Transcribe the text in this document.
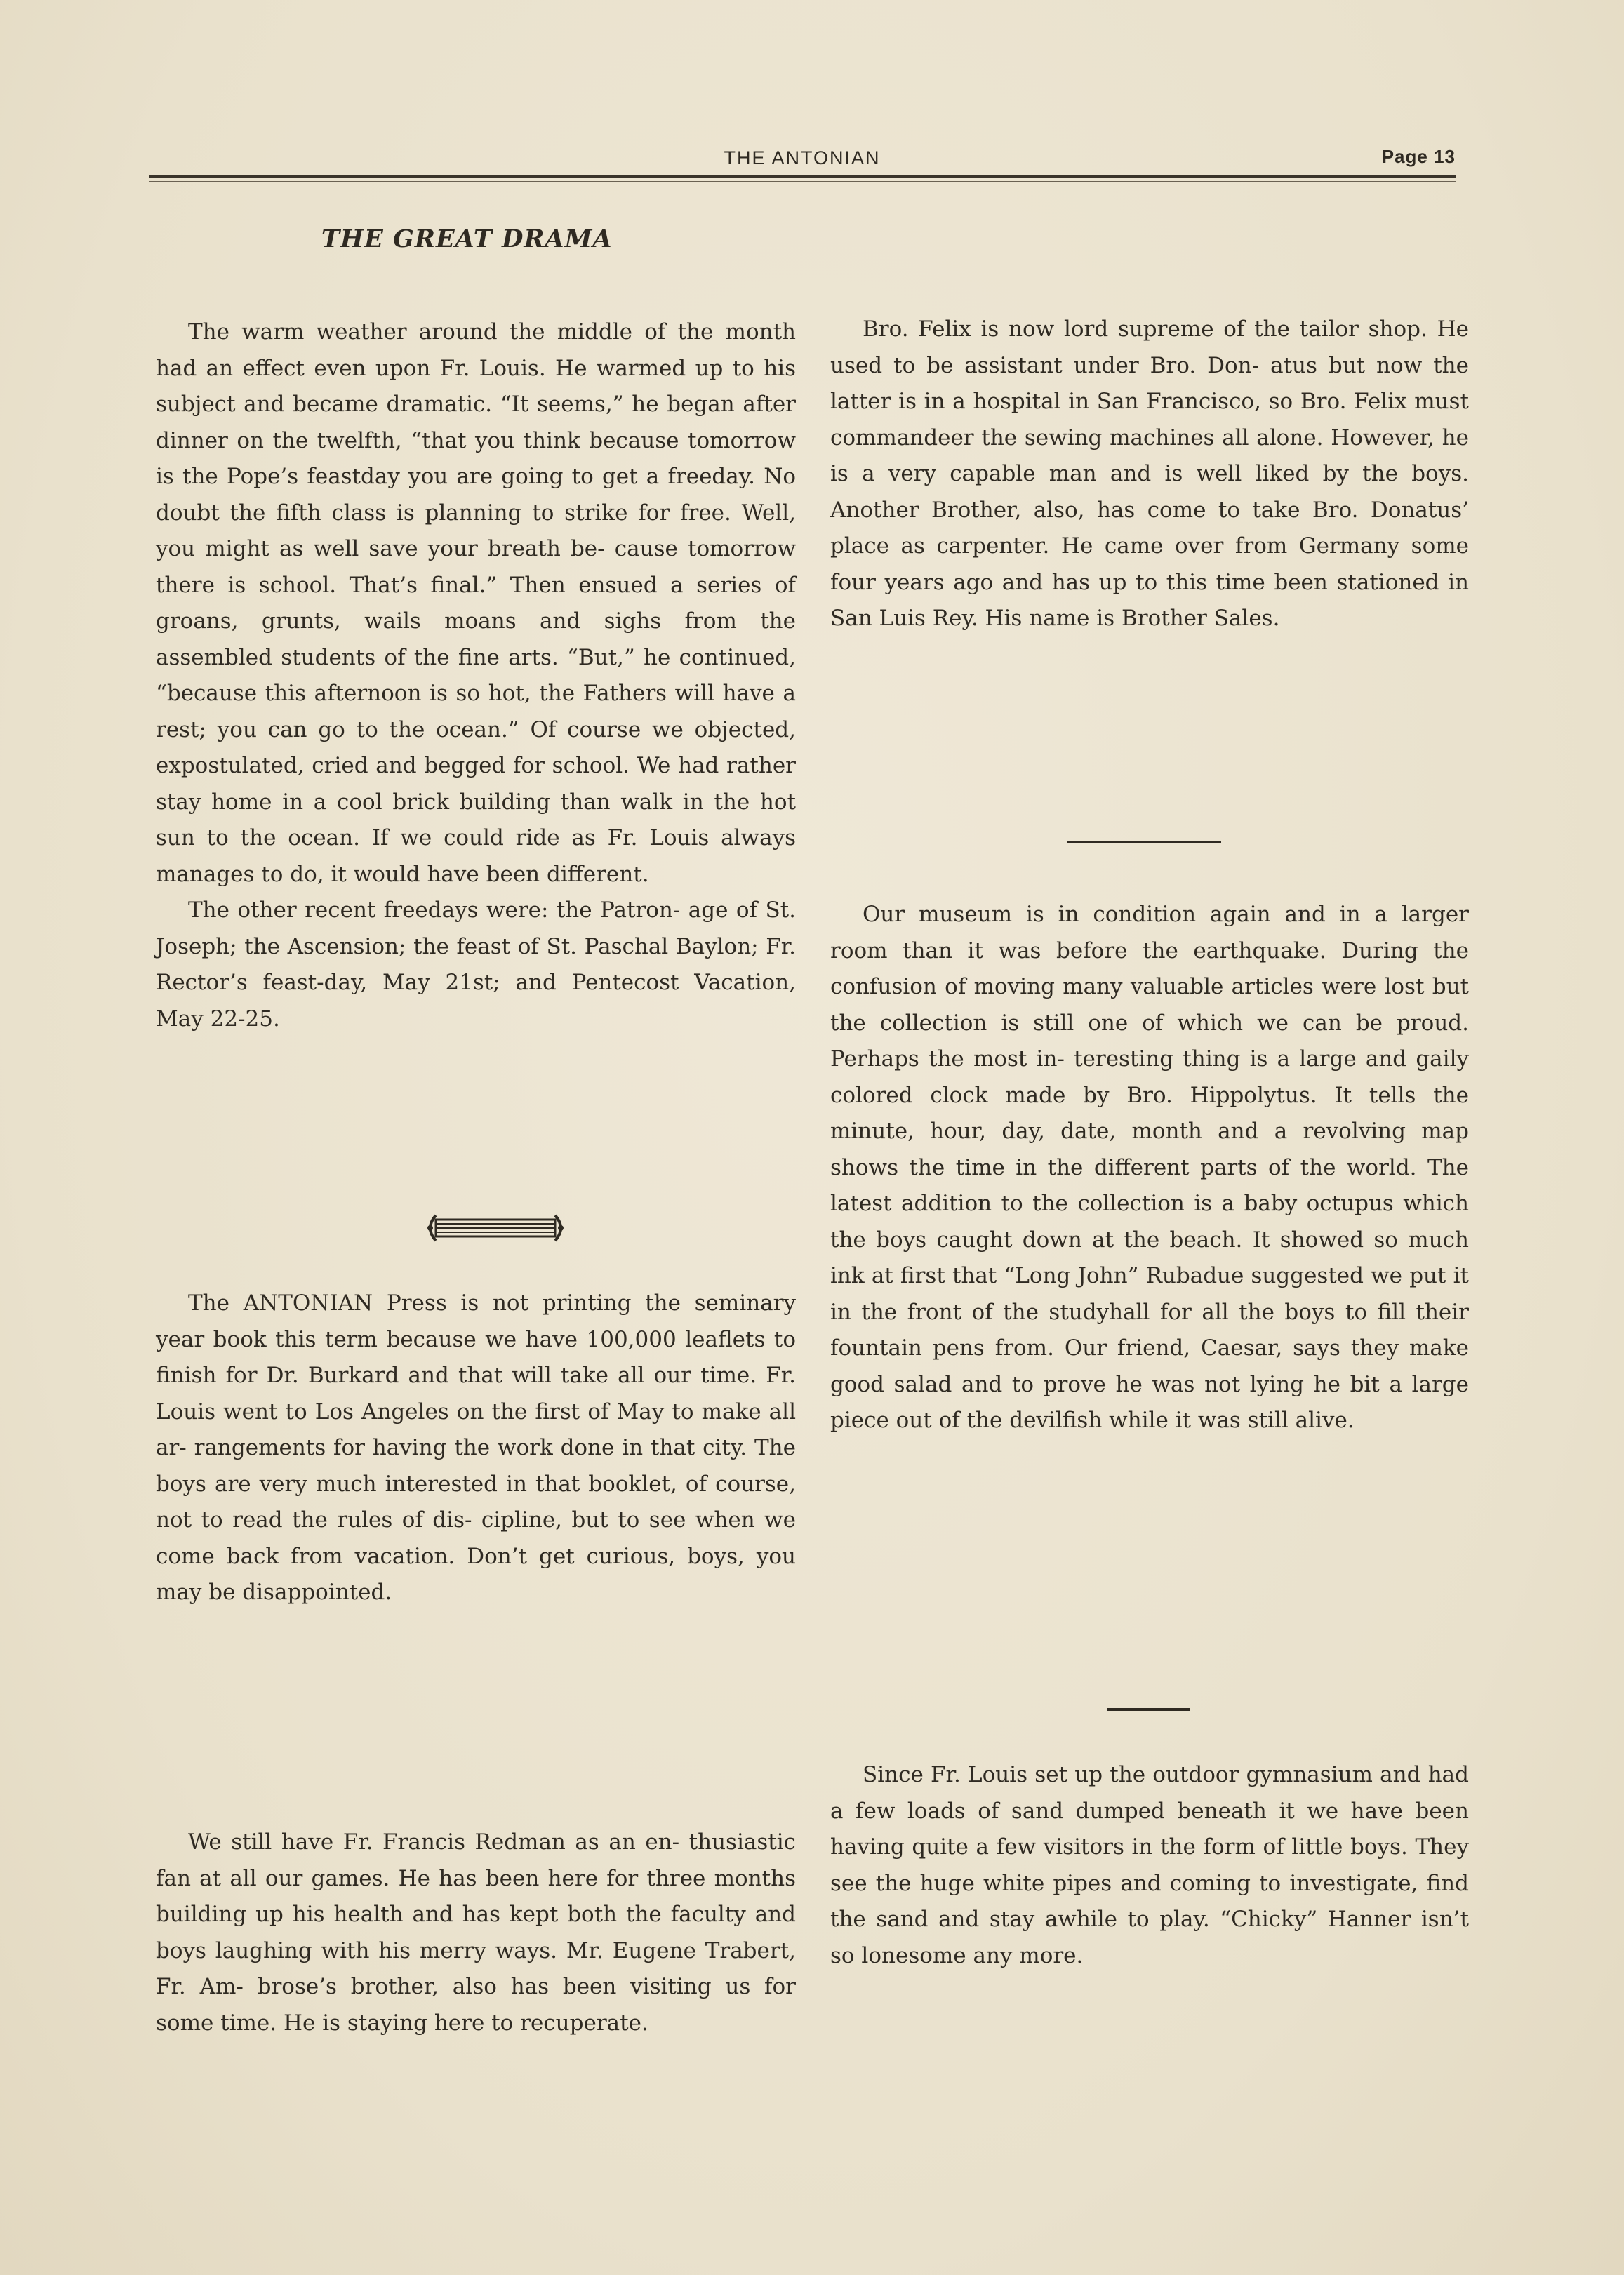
THE ANTONIAN	Page 13
THE GREAT DRAMA

The warm weather around the middle of the month had an effect even upon Fr. Louis. He warmed up to his subject and became dramatic. “It seems,” he began after dinner on the twelfth, “that you think because tomorrow is the Pope’s feastday you are going to get a freeday. No doubt the fifth class is planning to strike for free. Well, you might as well save your breath be- cause tomorrow there is school. That’s final.” Then ensued a series of groans, grunts, wails moans and sighs from the assembled students of the fine arts. “But,” he continued, “because this afternoon is so hot, the Fathers will have a rest; you can go to the ocean.” Of course we objected, expostulated, cried and begged for school. We had rather stay home in a cool brick building than walk in the hot sun to the ocean. If we could ride as Fr. Louis always manages to do, it would have been different.

The other recent freedays were: the Patron- age of St. Joseph; the Ascension; the feast of St. Paschal Baylon; Fr. Rector’s feast-day, May 21st; and Pentecost Vacation, May 22-25.

The ANTONIAN Press is not printing the seminary year book this term because we have 100,000 leaflets to finish for Dr. Burkard and that will take all our time. Fr. Louis went to Los Angeles on the first of May to make all ar- rangements for having the work done in that city. The boys are very much interested in that booklet, of course, not to read the rules of dis- cipline, but to see when we come back from vacation. Don’t get curious, boys, you may be disappointed.

We still have Fr. Francis Redman as an en- thusiastic fan at all our games. He has been here for three months building up his health and has kept both the faculty and boys laughing with his merry ways. Mr. Eugene Trabert, Fr. Am- brose’s brother, also has been visiting us for some time. He is staying here to recuperate.

Bro. Felix is now lord supreme of the tailor shop. He used to be assistant under Bro. Don- atus but now the latter is in a hospital in San Francisco, so Bro. Felix must commandeer the sewing machines all alone. However, he is a very capable man and is well liked by the boys. Another Brother, also, has come to take Bro. Donatus’ place as carpenter. He came over from Germany some four years ago and has up to this time been stationed in San Luis Rey. His name is Brother Sales.

Our museum is in condition again and in a larger room than it was before the earthquake. During the confusion of moving many valuable articles were lost but the collection is still one of which we can be proud. Perhaps the most in- teresting thing is a large and gaily colored clock made by Bro. Hippolytus. It tells the minute, hour, day, date, month and a revolving map shows the time in the different parts of the world. The latest addition to the collection is a baby octupus which the boys caught down at the beach. It showed so much ink at first that “Long John” Rubadue suggested we put it in the front of the studyhall for all the boys to fill their fountain pens from. Our friend, Caesar, says they make good salad and to prove he was not lying he bit a large piece out of the devilfish while it was still alive.

Since Fr. Louis set up the outdoor gymnasium and had a few loads of sand dumped beneath it we have been having quite a few visitors in the form of little boys. They see the huge white pipes and coming to investigate, find the sand and stay awhile to play. “Chicky” Hanner isn’t so lonesome any more.
